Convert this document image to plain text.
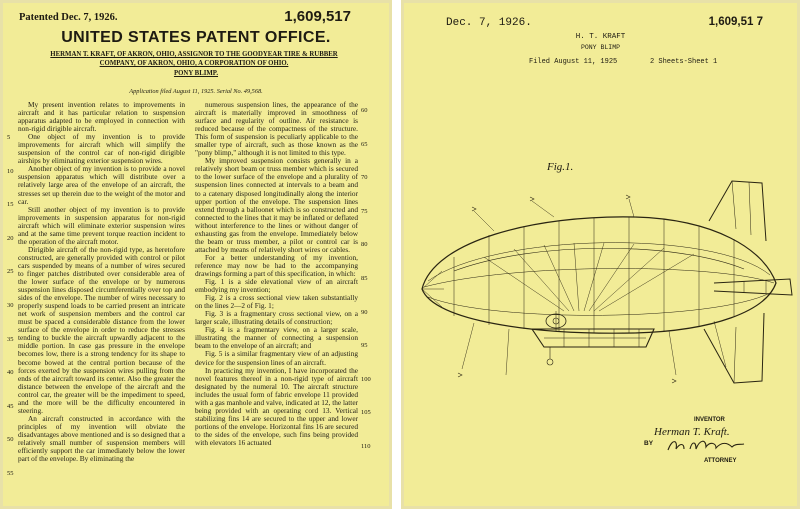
Patented Dec. 7, 1926.	1,609,517
UNITED STATES PATENT OFFICE.
HERMAN T. KRAFT, OF AKRON, OHIO, ASSIGNOR TO THE GOODYEAR TIRE & RUBBER COMPANY, OF AKRON, OHIO, A CORPORATION OF OHIO.
PONY BLIMP.
Application filed August 11, 1925. Serial No. 49,568.

My present invention relates to improvements in aircraft and it has particular relation to suspension apparatus adapted to be employed in connection with non-rigid dirigible aircraft.

One object of my invention is to provide improvements for aircraft which will simplify the suspension of the control car of non-rigid dirigible airships by eliminating exterior suspension wires.

Another object of my invention is to provide a novel suspension apparatus which will distribute over a relatively large area of the envelope of an aircraft, the stresses set up therein due to the weight of the motor and car.

Still another object of my invention is to provide improvements in suspension apparatus for non-rigid aircraft which will eliminate exterior suspension wires and at the same time prevent torque reaction incident to the operation of the aircraft motor.

Dirigible aircraft of the non-rigid type, as heretofore constructed, are generally provided with control or pilot cars suspended by means of a number of wires secured to finger patches distributed over considerable area of the lower surface of the envelope or by numerous suspension lines disposed circumferentially over top and sides of the envelope. The number of wires necessary to properly suspend loads to be carried present an intricate net work of suspension members and the control car must be spaced a considerable distance from the lower surface of the envelope in order to reduce the stresses tending to buckle the aircraft upwardly adjacent to the middle portion. In case gas pressure in the envelope becomes low, there is a strong tendency for its shape to become bowed at the central portion because of the forces exerted by the suspension wires pulling from the ends of the aircraft toward its center. Also the greater the distance between the envelope of the aircraft and the control car, the greater will be the impediment to speed, and the more will be the difficulty encountered in steering.

An aircraft constructed in accordance with the principles of my invention will obviate the disadvantages above mentioned and is so designed that a relatively small number of suspension members will efficiently support the car immediately below the lower part of the envelope. By eliminating the

numerous suspension lines, the appearance of the aircraft is materially improved in smoothness of surface and regularity of outline. Air resistance is reduced because of the compactness of the structure. This form of suspension is peculiarly applicable to the smaller type of aircraft, such as those known as the "pony blimp," although it is not limited to this type.

My improved suspension consists generally in a relatively short beam or truss member which is secured to the lower surface of the envelope and a plurality of suspension lines connected at intervals to a beam and to a catenary disposed longitudinally along the interior upper portion of the envelope. The suspension lines extend through a balloonet which is so constructed and connected to the lines that it may be inflated or deflated without interference to the lines or without danger of exhausting gas from the envelope. Immediately below the beam or truss member, a pilot or control car is attached by means of relatively short wires or cables.

For a better understanding of my invention, reference may now be had to the accompanying drawings forming a part of this specification, in which:

Fig. 1 is a side elevational view of an aircraft embodying my invention;

Fig. 2 is a cross sectional view taken substantially on the lines 2—2 of Fig. 1;

Fig. 3 is a fragmentary cross sectional view, on a larger scale, illustrating details of construction;

Fig. 4 is a fragmentary view, on a larger scale, illustrating the manner of connecting a suspension beam to the envelope of an aircraft; and

Fig. 5 is a similar fragmentary view of an adjusting device for the suspension lines of an aircraft.

In practicing my invention, I have incorporated the novel features thereof in a non-rigid type of aircraft designated by the numeral 10. The aircraft structure includes the usual form of fabric envelope 11 provided with a gas manhole and valve, indicated at 12, the latter being provided with an operating cord 13. Vertical stabilizing fins 14 are secured to the upper and lower portions of the envelope. Horizontal fins 16 are secured to the sides of the envelope, such fins being provided with elevators 16 actuated

5
10
15
20
25
30
35
40
45
50
55
60
65
70
75
80
85
90
95
100
105
110
Dec. 7, 1926.	1,609,51 7
H. T. KRAFT
PONY BLIMP
Filed August 11, 1925	2 Sheets-Sheet 1
Fig.1.
INVENTOR
Herman T. Kraft.
BY
ATTORNEY
